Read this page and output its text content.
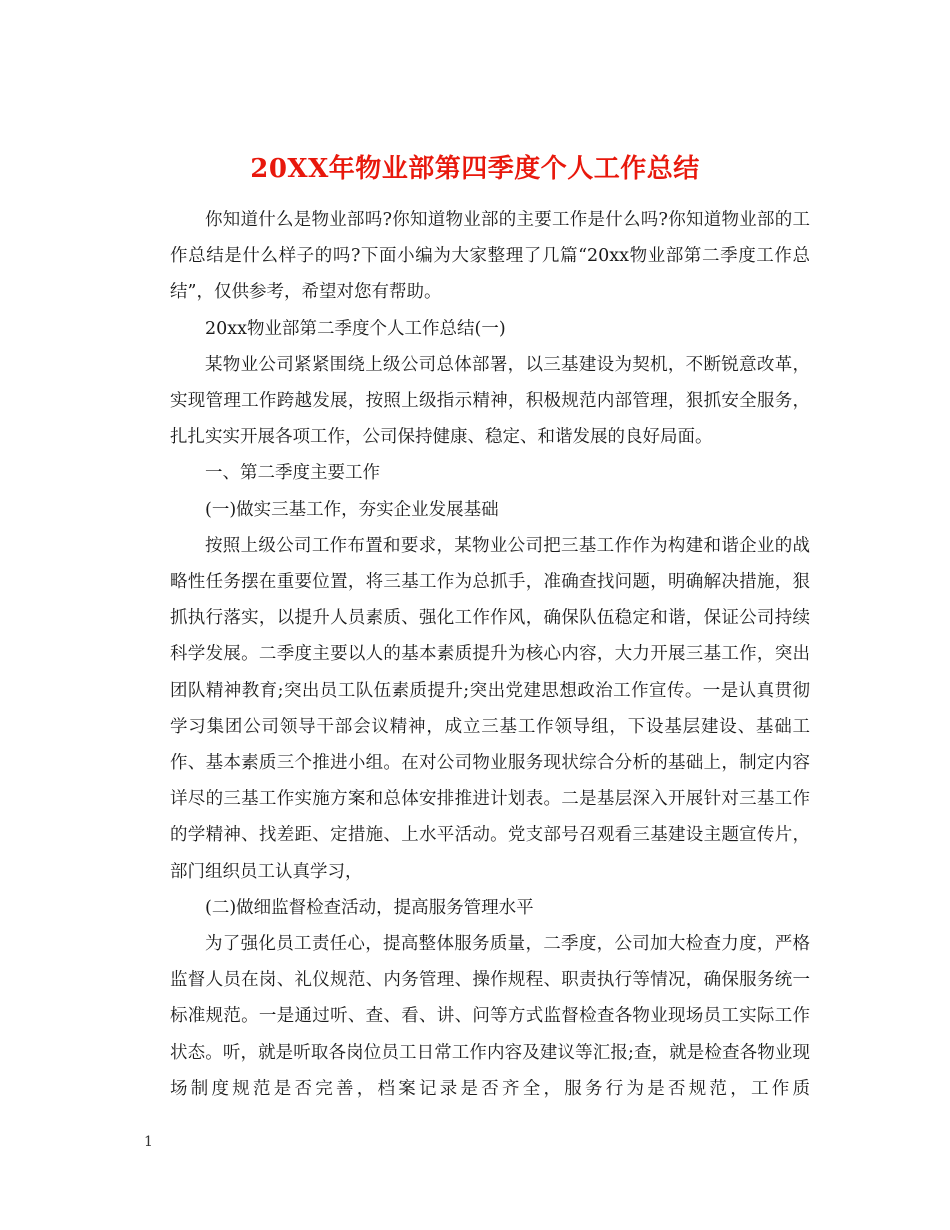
20XX年物业部第四季度个人工作总结

你知道什么是物业部吗?你知道物业部的主要工作是什么吗?你知道物业部的工作总结是什么样子的吗?下面小编为大家整理了几篇“20xx物业部第二季度工作总结”，仅供参考，希望对您有帮助。

20xx物业部第二季度个人工作总结(一)

某物业公司紧紧围绕上级公司总体部署，以三基建设为契机，不断锐意改革，实现管理工作跨越发展，按照上级指示精神，积极规范内部管理，狠抓安全服务，扎扎实实开展各项工作，公司保持健康、稳定、和谐发展的良好局面。

一、第二季度主要工作

(一)做实三基工作，夯实企业发展基础

按照上级公司工作布置和要求，某物业公司把三基工作作为构建和谐企业的战略性任务摆在重要位置，将三基工作为总抓手，准确查找问题，明确解决措施，狠抓执行落实，以提升人员素质、强化工作作风，确保队伍稳定和谐，保证公司持续科学发展。二季度主要以人的基本素质提升为核心内容，大力开展三基工作，突出团队精神教育;突出员工队伍素质提升;突出党建思想政治工作宣传。一是认真贯彻学习集团公司领导干部会议精神，成立三基工作领导组，下设基层建设、基础工作、基本素质三个推进小组。在对公司物业服务现状综合分析的基础上，制定内容详尽的三基工作实施方案和总体安排推进计划表。二是基层深入开展针对三基工作的学精神、找差距、定措施、上水平活动。党支部号召观看三基建设主题宣传片，部门组织员工认真学习，

(二)做细监督检查活动，提高服务管理水平

为了强化员工责任心，提高整体服务质量，二季度，公司加大检查力度，严格监督人员在岗、礼仪规范、内务管理、操作规程、职责执行等情况，确保服务统一标准规范。一是通过听、查、看、讲、问等方式监督检查各物业现场员工实际工作状态。听，就是听取各岗位员工日常工作内容及建议等汇报;查，就是检查各物业现场制度规范是否完善，档案记录是否齐全，服务行为是否规范，工作质

1
